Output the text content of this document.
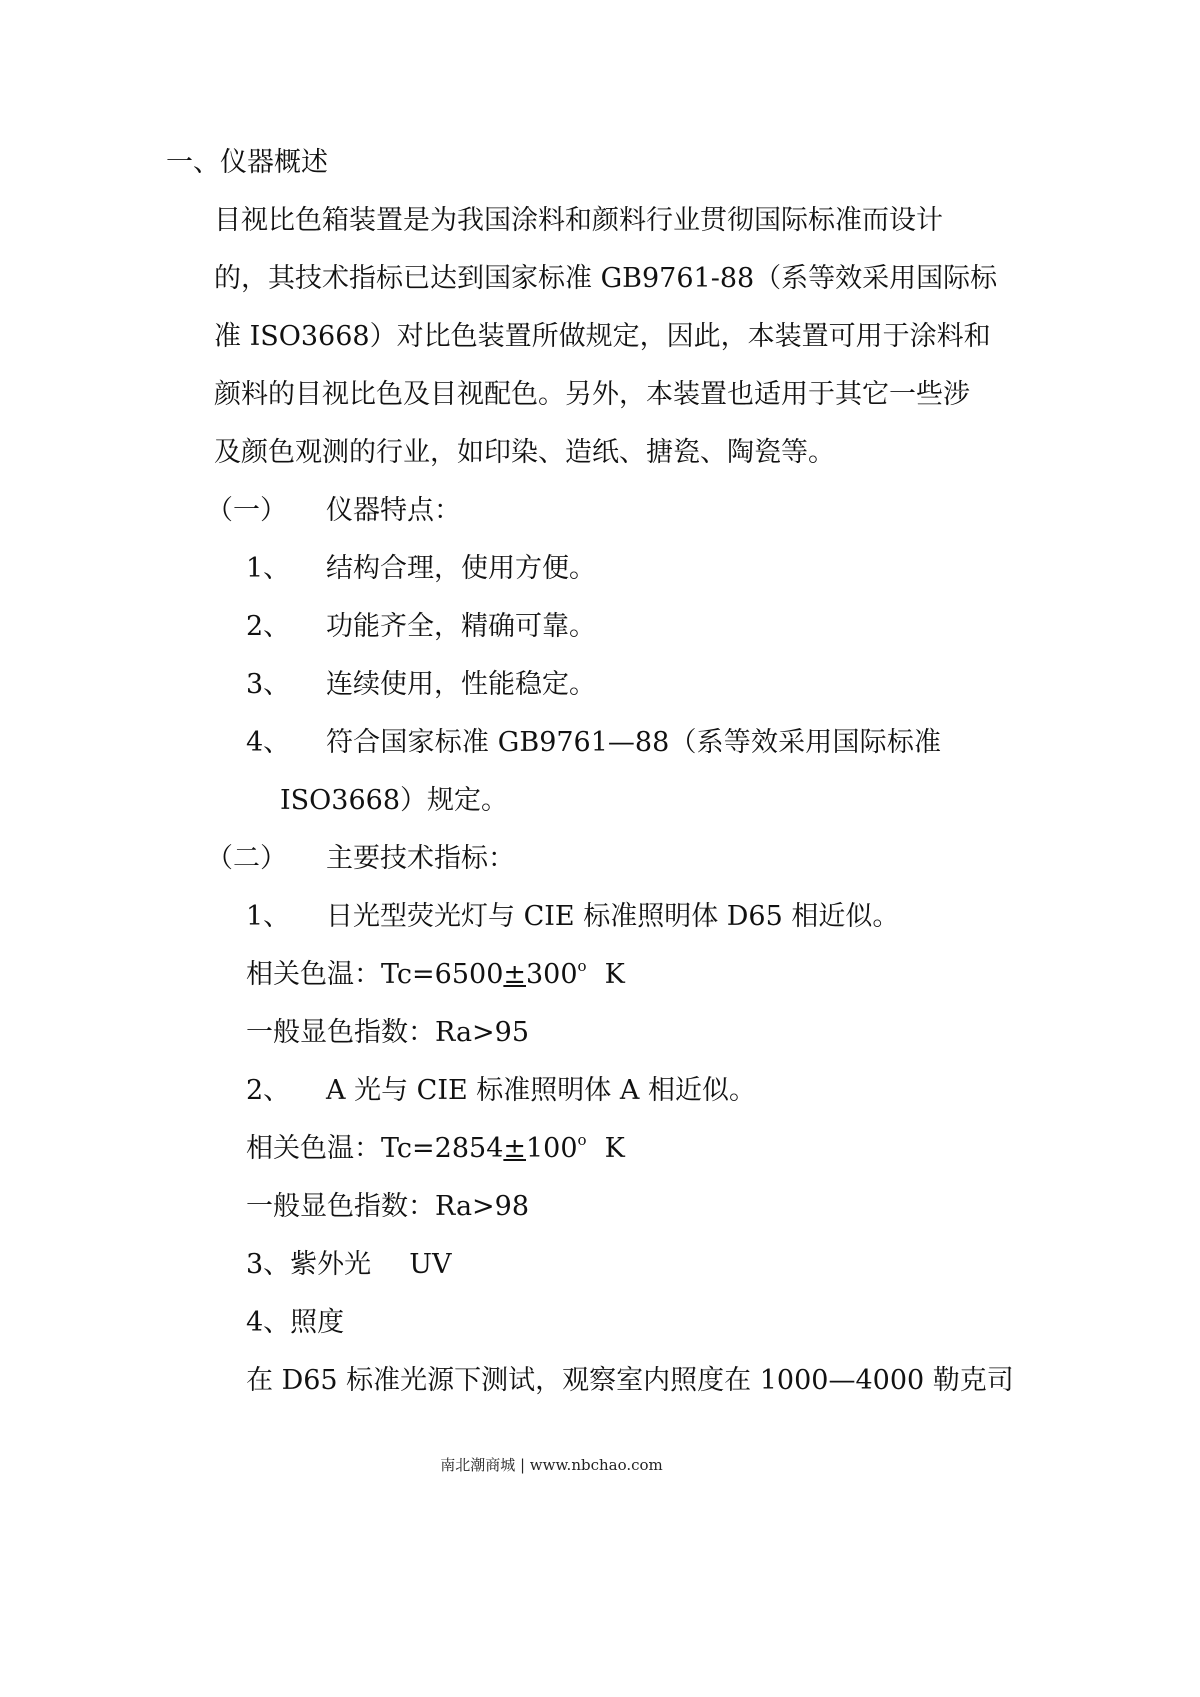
一、仪器概述
目视比色箱装置是为我国涂料和颜料行业贯彻国际标准而设计
的，其技术指标已达到国家标准 GB9761-88（系等效采用国际标
准 ISO3668）对比色装置所做规定，因此，本装置可用于涂料和
颜料的目视比色及目视配色。另外，本装置也适用于其它一些涉
及颜色观测的行业，如印染、造纸、搪瓷、陶瓷等。
（一） 仪器特点：
1、 结构合理，使用方便。
2、 功能齐全，精确可靠。
3、 连续使用，性能稳定。
4、 符合国家标准 GB9761—88（系等效采用国际标准
ISO3668）规定。
（二） 主要技术指标：
1、 日光型荧光灯与 CIE 标准照明体 D65 相近似。
相关色温：$Tc=6500\pm 300^o$ K
一般显色指数：Ra>95
2、 A 光与 CIE 标准照明体 A 相近似。
相关色温：$Tc=2854\pm 100^o$ K
一般显色指数：Ra>98
3、紫外光 UV
4、照度
在 D65 标准光源下测试，观察室内照度在 1000—4000 勒克司
南北潮商城 | www.nbchao.com
